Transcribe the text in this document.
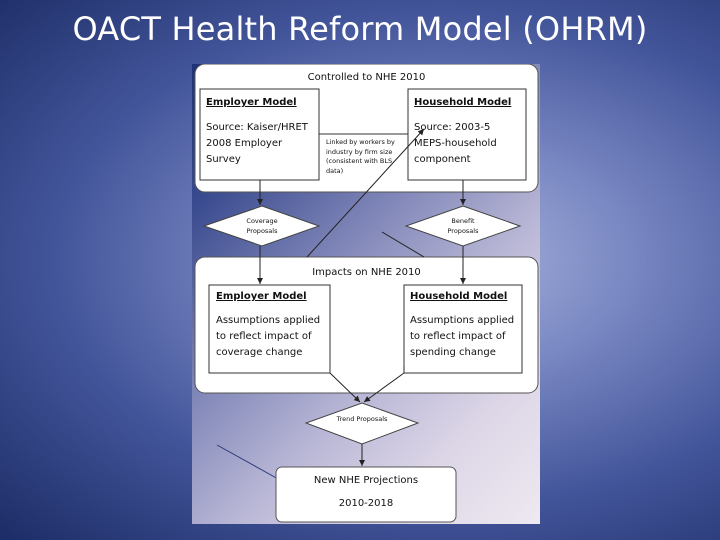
OACT Health Reform Model (OHRM)
Controlled to NHE 2010
Employer Model
Source: Kaiser/HRET 2008 Employer Survey
Household Model
Source: 2003-5 MEPS-household component
Linked by workers by industry by firm size (consistent with BLS data)
Coverage Proposals
Benefit Proposals
Impacts on NHE 2010
Employer Model
Assumptions applied to reflect impact of coverage change
Household Model
Assumptions applied to reflect impact of spending change
Trend Proposals
New NHE Projections
2010-2018
